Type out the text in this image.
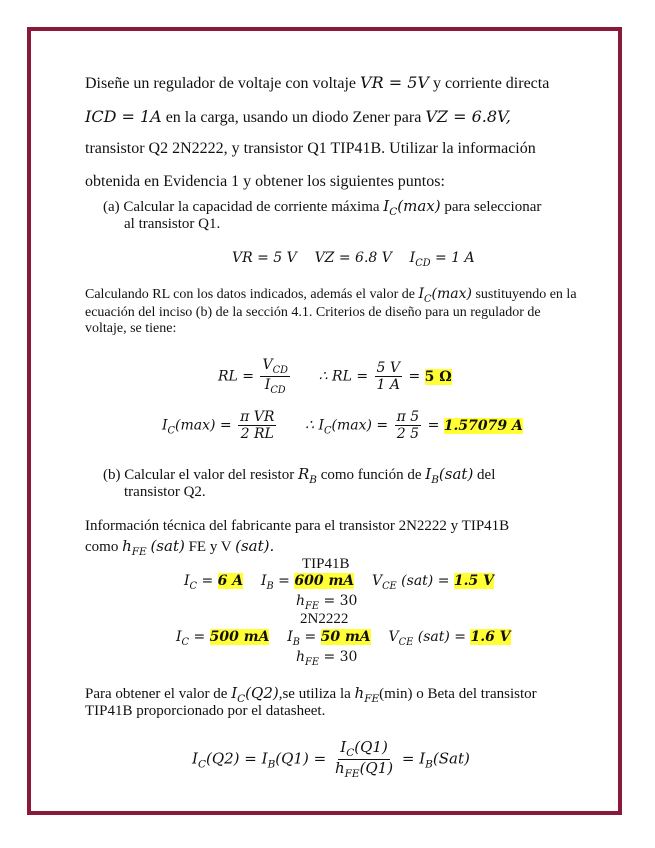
Diseñe un regulador de voltaje con voltaje VR = 5V y corriente directa
ICD = 1A en la carga, usando un diodo Zener para VZ = 6.8V,
transistor Q2 2N2222, y transistor Q1 TIP41B. Utilizar la información
obtenida en Evidencia 1 y obtener los siguientes puntos:
(a) Calcular la capacidad de corriente máxima $I_C(\max)$ para seleccionar
al transistor Q1.
VR = 5 V VZ = 6.8 V $I_{CD} = 1$ A
Calculando RL con los datos indicados, además el valor de $I_C(\max)$ sustituyendo en la ecuación del inciso (b) de la sección 4.1. Criterios de diseño para un regulador de voltaje, se tiene:
RL = $\frac{V_{CD}}{I_{CD}}$ ∴ RL = $\frac{5 V}{1 A} = 5$ Ω
$I_C(\max) = \frac{\text{π VR}}{2 RL}$ ∴ $I_C(\max) = \frac{\pi 5}{2 5} = 1.57079$ A
(b) Calcular el valor del resistor $R_B$ como función de $I_B(sat)$ del
transistor Q2.
Información técnica del fabricante para el transistor 2N2222 y TIP41B
como $h_{FE}$ (sat) FE y V (sat).
TIP41B
$I_C = 6$ A $I_B = 600$ mA $V_{CE}$ (sat) = 1.5 V
$h_{FE} = 30$
2N2222
$I_C = 500$ mA $I_B = 50$ mA $V_{CE}$ (sat) = 1.6 V
$h_{FE} = 30$
Para obtener el valor de $I_C(Q2),se$ utiliza la $h_{FE}(\min)$ o Beta del transistor
TIP41B proporcionado por el datasheet.
$I_C(Q2) = I_B(Q1) = \frac{I_C(Q1)}{h_{FE}(Q1)} = I_B(Sat)$
